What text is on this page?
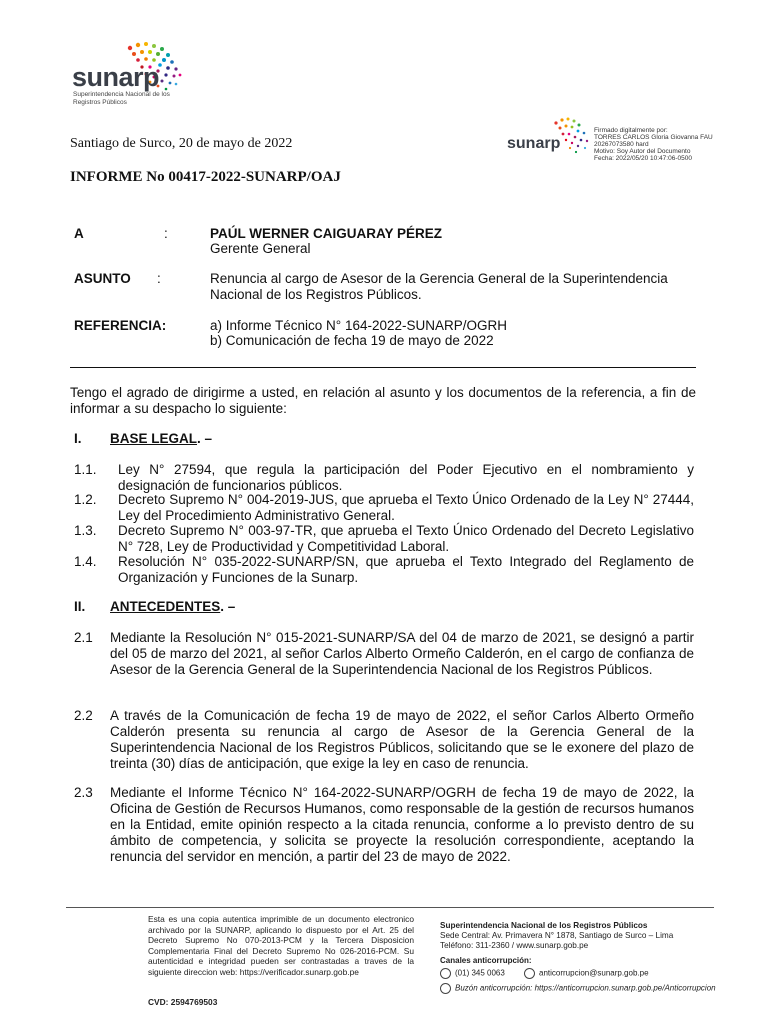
sunarp
Superintendencia Nacional de los Registros Públicos
sunarp
Firmado digitalmente por:
TORRES CARLOS Gloria Giovanna FAU
20267073580 hard
Motivo: Soy Autor del Documento
Fecha: 2022/05/20 10:47:06-0500
Santiago de Surco, 20 de mayo de 2022
INFORME No 00417-2022-SUNARP/OAJ
A	:	PAÚL WERNER CAIGUARAY PÉREZ
Gerente General
ASUNTO :	Renuncia al cargo de Asesor de la Gerencia General de la Superintendencia Nacional de los Registros Públicos.
REFERENCIA:	a) Informe Técnico N° 164-2022-SUNARP/OGRH
b) Comunicación de fecha 19 de mayo de 2022
Tengo el agrado de dirigirme a usted, en relación al asunto y los documentos de la referencia, a fin de informar a su despacho lo siguiente:
I. BASE LEGAL. –
1.1. Ley N° 27594, que regula la participación del Poder Ejecutivo en el nombramiento y designación de funcionarios públicos.
1.2. Decreto Supremo N° 004-2019-JUS, que aprueba el Texto Único Ordenado de la Ley N° 27444, Ley del Procedimiento Administrativo General.
1.3. Decreto Supremo N° 003-97-TR, que aprueba el Texto Único Ordenado del Decreto Legislativo N° 728, Ley de Productividad y Competitividad Laboral.
1.4. Resolución N° 035-2022-SUNARP/SN, que aprueba el Texto Integrado del Reglamento de Organización y Funciones de la Sunarp.
II. ANTECEDENTES. –
2.1 Mediante la Resolución N° 015-2021-SUNARP/SA del 04 de marzo de 2021, se designó a partir del 05 de marzo del 2021, al señor Carlos Alberto Ormeño Calderón, en el cargo de confianza de Asesor de la Gerencia General de la Superintendencia Nacional de los Registros Públicos.
2.2 A través de la Comunicación de fecha 19 de mayo de 2022, el señor Carlos Alberto Ormeño Calderón presenta su renuncia al cargo de Asesor de la Gerencia General de la Superintendencia Nacional de los Registros Públicos, solicitando que se le exonere del plazo de treinta (30) días de anticipación, que exige la ley en caso de renuncia.
2.3 Mediante el Informe Técnico N° 164-2022-SUNARP/OGRH de fecha 19 de mayo de 2022, la Oficina de Gestión de Recursos Humanos, como responsable de la gestión de recursos humanos en la Entidad, emite opinión respecto a la citada renuncia, conforme a lo previsto dentro de su ámbito de competencia, y solicita se proyecte la resolución correspondiente, aceptando la renuncia del servidor en mención, a partir del 23 de mayo de 2022.
Esta es una copia autentica imprimible de un documento electronico archivado por la SUNARP, aplicando lo dispuesto por el Art. 25 del Decreto Supremo No 070-2013-PCM y la Tercera Disposicion Complementaria Final del Decreto Supremo No 026-2016-PCM. Su autenticidad e integridad pueden ser contrastadas a traves de la siguiente direccion web: https://verificador.sunarp.gob.pe
CVD: 2594769503
Superintendencia Nacional de los Registros Públicos
Sede Central: Av. Primavera N° 1878, Santiago de Surco – Lima
Teléfono: 311-2360 / www.sunarp.gob.pe
Canales anticorrupción:
(01) 345 0063	anticorrupcion@sunarp.gob.pe
Buzón anticorrupción: https://anticorrupcion.sunarp.gob.pe/Anticorrupcion
